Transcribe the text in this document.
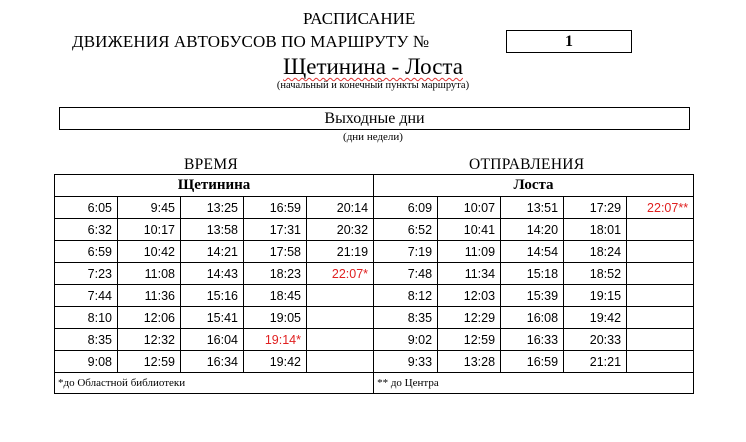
РАСПИСАНИЕ
ДВИЖЕНИЯ АВТОБУСОВ ПО МАРШРУТУ №	1
Щетинина - Лоста
(начальный и конечный пункты маршрута)
Выходные дни
(дни недели)
ВРЕМЯ	ОТПРАВЛЕНИЯ
Щетинина					Лоста				
6:05	9:45	13:25	16:59	20:14	6:09	10:07	13:51	17:29	22:07**
6:32	10:17	13:58	17:31	20:32	6:52	10:41	14:20	18:01	
6:59	10:42	14:21	17:58	21:19	7:19	11:09	14:54	18:24	
7:23	11:08	14:43	18:23	22:07*	7:48	11:34	15:18	18:52	
7:44	11:36	15:16	18:45		8:12	12:03	15:39	19:15	
8:10	12:06	15:41	19:05		8:35	12:29	16:08	19:42	
8:35	12:32	16:04	19:14*		9:02	12:59	16:33	20:33	
9:08	12:59	16:34	19:42		9:33	13:28	16:59	21:21	
*до Областной библиотеки					** до Центра				
